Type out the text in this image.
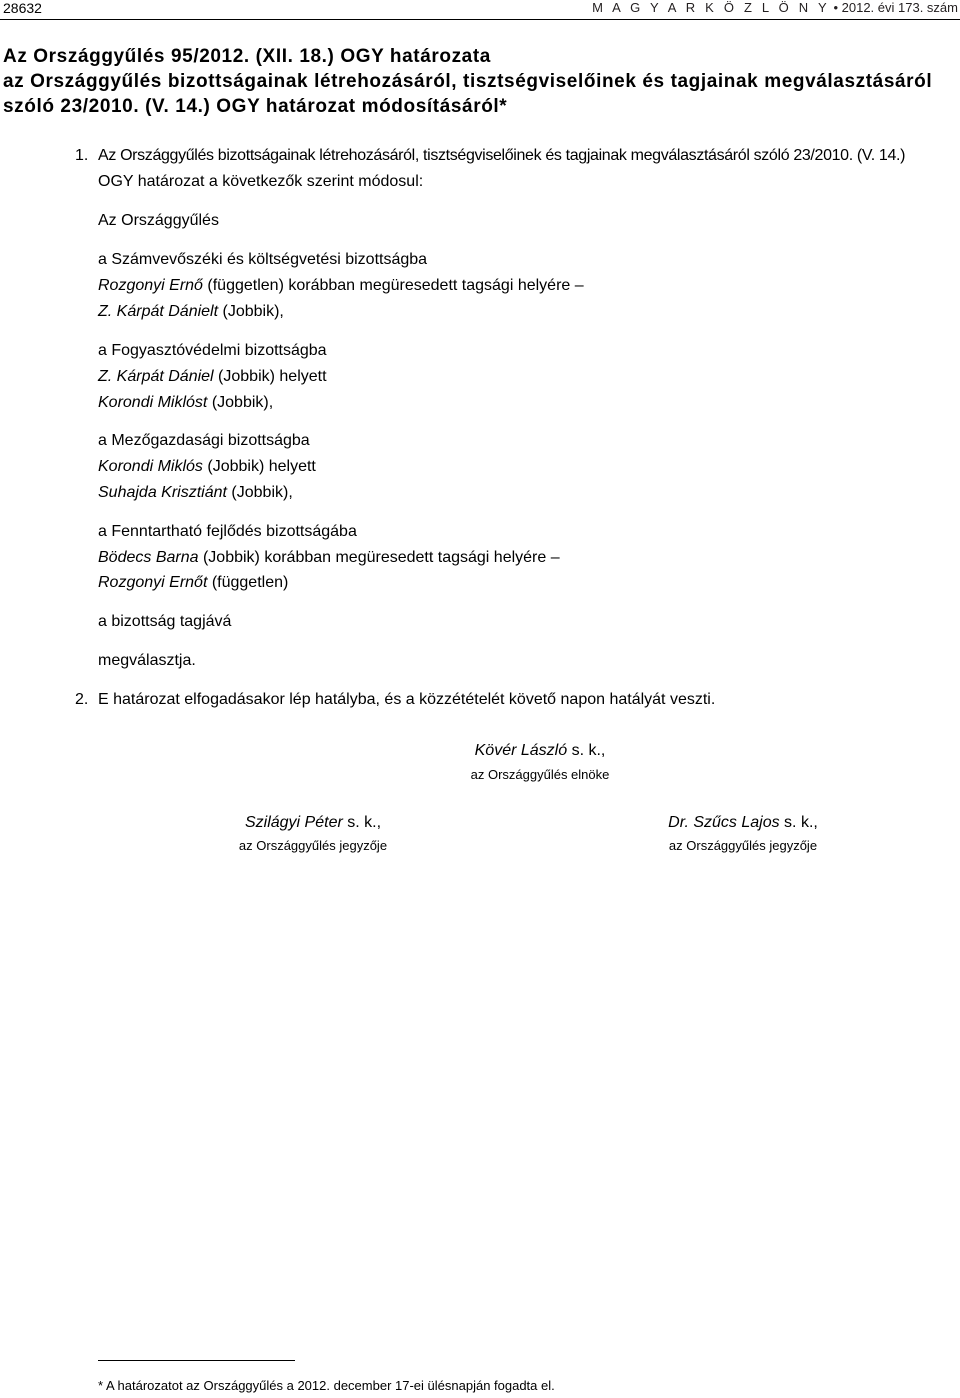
28632	M A G Y A R K Ö Z L Ö N Y • 2012. évi 173. szám
Az Országgyűlés 95/2012. (XII. 18.) OGY határozata
az Országgyűlés bizottságainak létrehozásáról, tisztségviselőinek és tagjainak megválasztásáról
szóló 23/2010. (V. 14.) OGY határozat módosításáról*
1. Az Országgyűlés bizottságainak létrehozásáról, tisztségviselőinek és tagjainak megválasztásáról szóló 23/2010. (V. 14.)
OGY határozat a következők szerint módosul:
Az Országgyűlés
a Számvevőszéki és költségvetési bizottságba
Rozgonyi Ernő (független) korábban megüresedett tagsági helyére –
Z. Kárpát Dánielt (Jobbik),
a Fogyasztóvédelmi bizottságba
Z. Kárpát Dániel (Jobbik) helyett
Korondi Miklóst (Jobbik),
a Mezőgazdasági bizottságba
Korondi Miklós (Jobbik) helyett
Suhajda Krisztiánt (Jobbik),
a Fenntartható fejlődés bizottságába
Bödecs Barna (Jobbik) korábban megüresedett tagsági helyére –
Rozgonyi Ernőt (független)
a bizottság tagjává
megválasztja.
2. E határozat elfogadásakor lép hatályba, és a közzétételét követő napon hatályát veszti.
Kövér László s. k.,
az Országgyűlés elnöke
Szilágyi Péter s. k.,
az Országgyűlés jegyzője
Dr. Szűcs Lajos s. k.,
az Országgyűlés jegyzője
* A határozatot az Országgyűlés a 2012. december 17-ei ülésnapján fogadta el.
